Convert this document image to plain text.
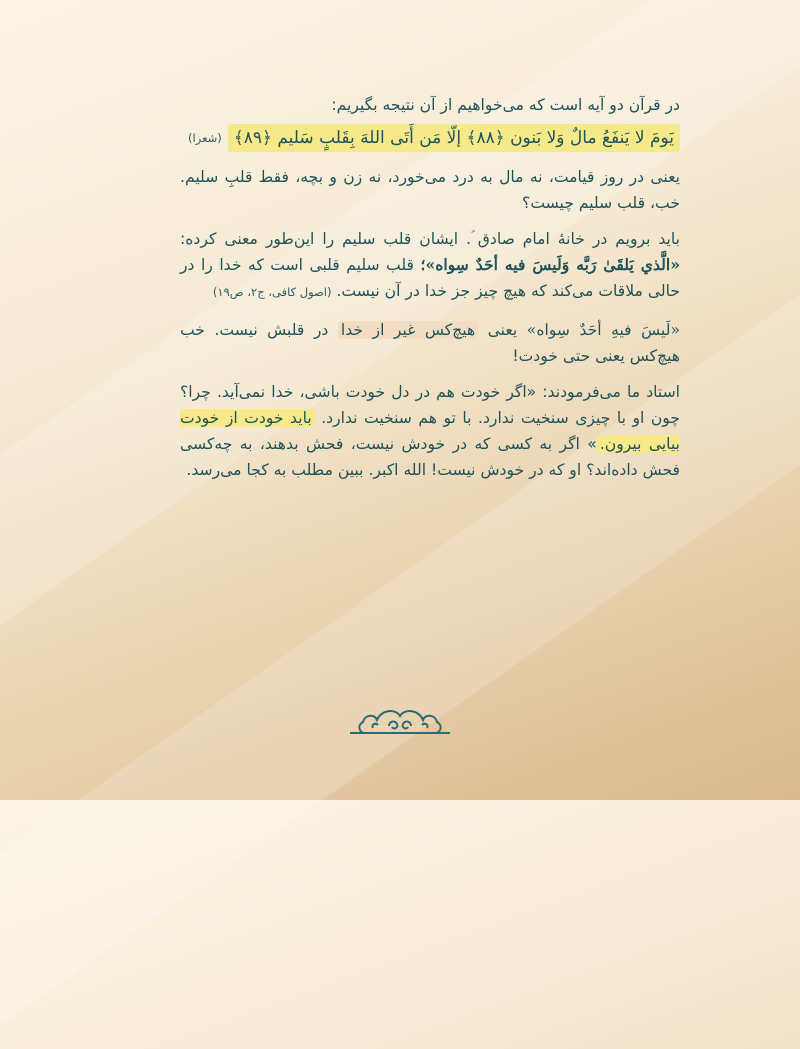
در قرآن دو آیه است که می‌خواهیم از آن نتیجه بگیریم:

یَومَ لا یَنفَعُ مالٌ وَلا بَنون ﴿۸۸﴾ إلّا مَن أَتَى اللهَ بِقَلبٍ سَليم ﴿۸۹﴾
(شعرا)

یعنی در روز قیامت، نه مال به درد می‌خورد، نه زن و بچه، فقط قلبِ سلیم. خب، قلب سلیم چیست؟

باید برویم در خانهٔ امام صادق ؑ. ایشان قلب سلیم را این‌طور معنی کرده: «الَّذي يَلقَىٰ رَبَّه وَلَيسَ فيه أحَدٌ سِواه»؛ قلب سلیم قلبی است که خدا را در حالی ملاقات می‌کند که هیچ چیز جز خدا در آن نیست. (اصول کافی، ج۲، ص۱۹)

«لَيسَ فيهِ أحَدٌ سِواه» یعنی هیچ‌کس غیر از خدا در قلبش نیست. خب هیچ‌کس یعنی حتی خودت!

استاد ما می‌فرمودند: «اگر خودت هم در دل خودت باشی، خدا نمی‌آید. چرا؟ چون او با چیزی سنخیت ندارد. با تو هم سنخیت ندارد. باید خودت از خودت بیایی بیرون.» اگر به کسی که در خودش نیست، فحش بدهند، به چه‌کسی فحش داده‌اند؟ او که در خودش نیست! الله اکبر. ببین مطلب به کجا می‌رسد.
